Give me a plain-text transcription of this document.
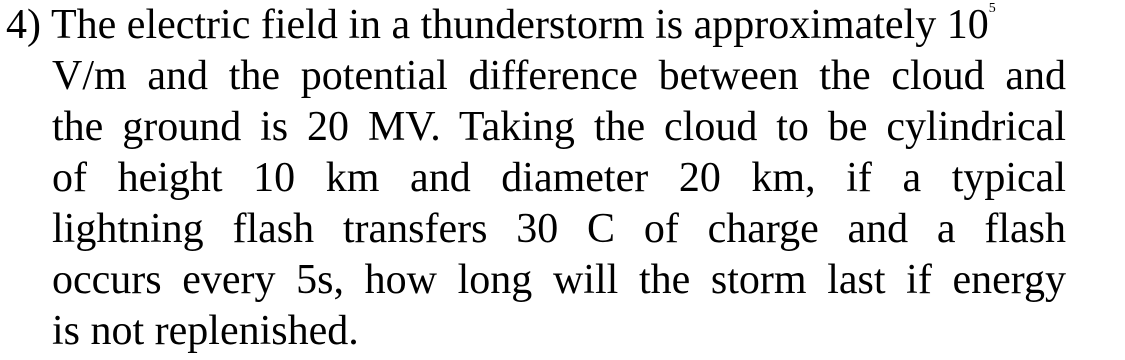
4) The electric field in a thunderstorm is approximately $10^5$
V/m and the potential difference between the cloud and
the ground is 20 MV. Taking the cloud to be cylindrical
of height 10 km and diameter 20 km, if a typical
lightning flash transfers 30 C of charge and a flash
occurs every 5s, how long will the storm last if energy
is not replenished.
